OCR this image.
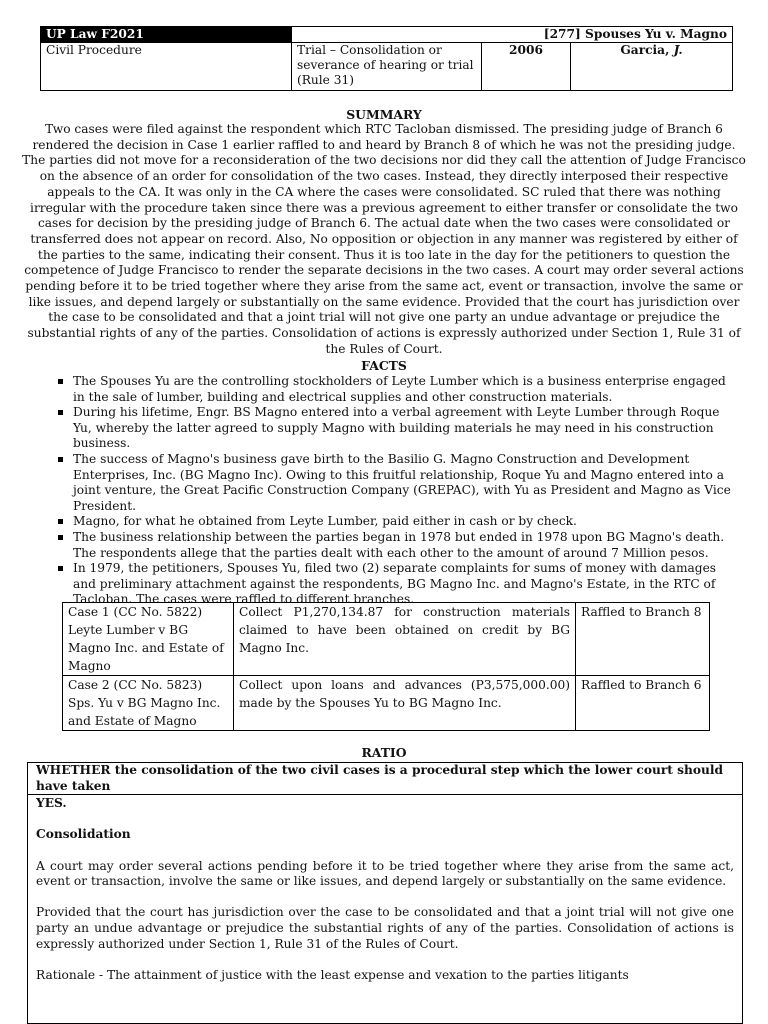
UP Law F2021	[277] Spouses Yu v. Magno		
Civil Procedure	Trial – Consolidation or severance of hearing or trial (Rule 31)	2006	Garcia, J.
SUMMARY

Two cases were filed against the respondent which RTC Tacloban dismissed. The presiding judge of Branch 6 rendered the decision in Case 1 earlier raffled to and heard by Branch 8 of which he was not the presiding judge. The parties did not move for a reconsideration of the two decisions nor did they call the attention of Judge Francisco on the absence of an order for consolidation of the two cases. Instead, they directly interposed their respective appeals to the CA. It was only in the CA where the cases were consolidated. SC ruled that there was nothing irregular with the procedure taken since there was a previous agreement to either transfer or consolidate the two cases for decision by the presiding judge of Branch 6. The actual date when the two cases were consolidated or transferred does not appear on record. Also, No opposition or objection in any manner was registered by either of the parties to the same, indicating their consent. Thus it is too late in the day for the petitioners to question the competence of Judge Francisco to render the separate decisions in the two cases. A court may order several actions pending before it to be tried together where they arise from the same act, event or transaction, involve the same or like issues, and depend largely or substantially on the same evidence. Provided that the court has jurisdiction over the case to be consolidated and that a joint trial will not give one party an undue advantage or prejudice the substantial rights of any of the parties. Consolidation of actions is expressly authorized under Section 1, Rule 31 of the Rules of Court.

FACTS
The Spouses Yu are the controlling stockholders of Leyte Lumber which is a business enterprise engaged in the sale of lumber, building and electrical supplies and other construction materials.
During his lifetime, Engr. BS Magno entered into a verbal agreement with Leyte Lumber through Roque Yu, whereby the latter agreed to supply Magno with building materials he may need in his construction business.
The success of Magno's business gave birth to the Basilio G. Magno Construction and Development Enterprises, Inc. (BG Magno Inc). Owing to this fruitful relationship, Roque Yu and Magno entered into a joint venture, the Great Pacific Construction Company (GREPAC), with Yu as President and Magno as Vice President.
Magno, for what he obtained from Leyte Lumber, paid either in cash or by check.
The business relationship between the parties began in 1978 but ended in 1978 upon BG Magno's death. The respondents allege that the parties dealt with each other to the amount of around 7 Million pesos.
In 1979, the petitioners, Spouses Yu, filed two (2) separate complaints for sums of money with damages and preliminary attachment against the respondents, BG Magno Inc. and Magno's Estate, in the RTC of Tacloban. The cases were raffled to different branches.
Case 1 (CC No. 5822) Leyte Lumber v BG Magno Inc. and Estate of Magno	Collect P1,270,134.87 for construction materials claimed to have been obtained on credit by BG Magno Inc.	Raffled to Branch 8
Case 2 (CC No. 5823) Sps. Yu v BG Magno Inc. and Estate of Magno	Collect upon loans and advances (P3,575,000.00) made by the Spouses Yu to BG Magno Inc.	Raffled to Branch 6
RATIO
WHETHER the consolidation of the two civil cases is a procedural step which the lower court should have taken

YES.

Consolidation

A court may order several actions pending before it to be tried together where they arise from the same act, event or transaction, involve the same or like issues, and depend largely or substantially on the same evidence.

Provided that the court has jurisdiction over the case to be consolidated and that a joint trial will not give one party an undue advantage or prejudice the substantial rights of any of the parties. Consolidation of actions is expressly authorized under Section 1, Rule 31 of the Rules of Court.

Rationale - The attainment of justice with the least expense and vexation to the parties litigants
